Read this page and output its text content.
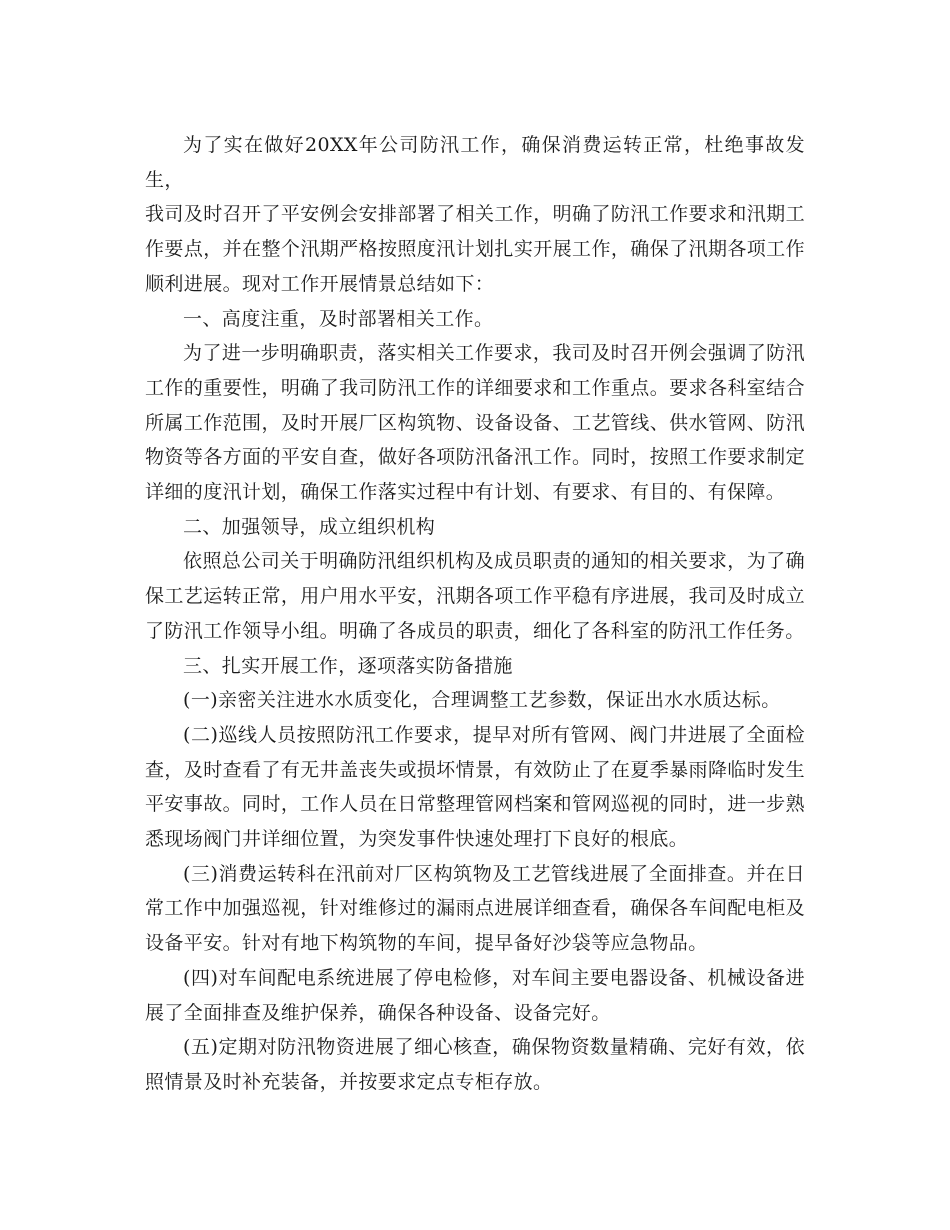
为了实在做好20XX年公司防汛工作，确保消费运转正常，杜绝事故发生，

我司及时召开了平安例会安排部署了相关工作，明确了防汛工作要求和汛期工作要点，并在整个汛期严格按照度汛计划扎实开展工作，确保了汛期各项工作顺利进展。现对工作开展情景总结如下：

一、高度注重，及时部署相关工作。

为了进一步明确职责，落实相关工作要求，我司及时召开例会强调了防汛工作的重要性，明确了我司防汛工作的详细要求和工作重点。要求各科室结合所属工作范围，及时开展厂区构筑物、设备设备、工艺管线、供水管网、防汛物资等各方面的平安自查，做好各项防汛备汛工作。同时，按照工作要求制定详细的度汛计划，确保工作落实过程中有计划、有要求、有目的、有保障。

二、加强领导，成立组织机构

依照总公司关于明确防汛组织机构及成员职责的通知的相关要求，为了确保工艺运转正常，用户用水平安，汛期各项工作平稳有序进展，我司及时成立了防汛工作领导小组。明确了各成员的职责，细化了各科室的防汛工作任务。

三、扎实开展工作，逐项落实防备措施

(一)亲密关注进水水质变化，合理调整工艺参数，保证出水水质达标。

(二)巡线人员按照防汛工作要求，提早对所有管网、阀门井进展了全面检查，及时查看了有无井盖丧失或损坏情景，有效防止了在夏季暴雨降临时发生平安事故。同时，工作人员在日常整理管网档案和管网巡视的同时，进一步熟悉现场阀门井详细位置，为突发事件快速处理打下良好的根底。

(三)消费运转科在汛前对厂区构筑物及工艺管线进展了全面排查。并在日常工作中加强巡视，针对维修过的漏雨点进展详细查看，确保各车间配电柜及设备平安。针对有地下构筑物的车间，提早备好沙袋等应急物品。

(四)对车间配电系统进展了停电检修，对车间主要电器设备、机械设备进展了全面排查及维护保养，确保各种设备、设备完好。

(五)定期对防汛物资进展了细心核查，确保物资数量精确、完好有效，依照情景及时补充装备，并按要求定点专柜存放。
